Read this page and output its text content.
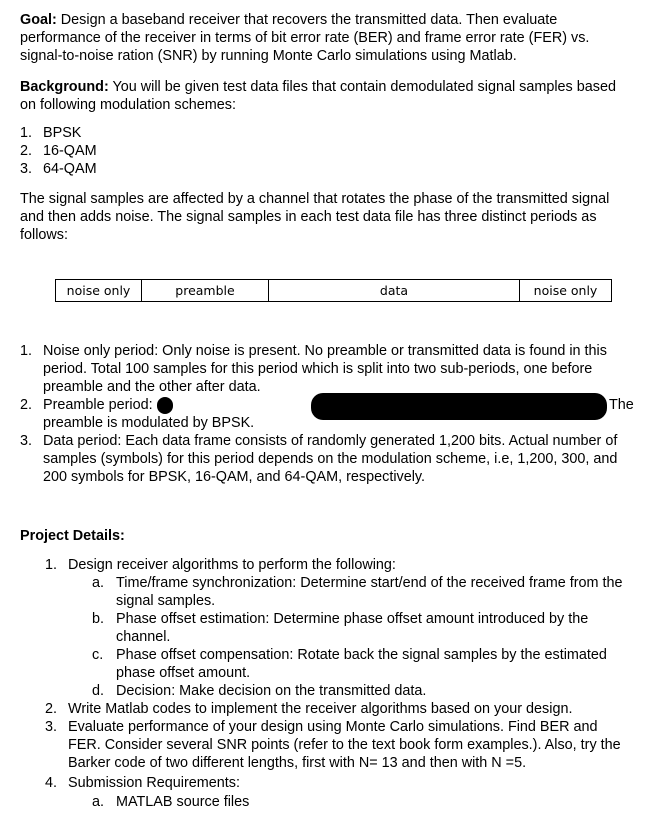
Goal: Design a baseband receiver that recovers the transmitted data. Then evaluate
performance of the receiver in terms of bit error rate (BER) and frame error rate (FER) vs.
signal-to-noise ration (SNR) by running Monte Carlo simulations using Matlab.
Background: You will be given test data files that contain demodulated signal samples based
on following modulation schemes:
1. BPSK
2. 16-QAM
3. 64-QAM
The signal samples are affected by a channel that rotates the phase of the transmitted signal
and then adds noise. The signal samples in each test data file has three distinct periods as
follows:
noise only	preamble	data	noise only
1. Noise only period: Only noise is present. No preamble or transmitted data is found in this
period. Total 100 samples for this period which is split into two sub-periods, one before
preamble and the other after data.
2. Preamble period:	The
preamble is modulated by BPSK.
3. Data period: Each data frame consists of randomly generated 1,200 bits. Actual number of
samples (symbols) for this period depends on the modulation scheme, i.e, 1,200, 300, and
200 symbols for BPSK, 16-QAM, and 64-QAM, respectively.
Project Details:
1. Design receiver algorithms to perform the following:
a. Time/frame synchronization: Determine start/end of the received frame from the
signal samples.
b. Phase offset estimation: Determine phase offset amount introduced by the
channel.
c. Phase offset compensation: Rotate back the signal samples by the estimated
phase offset amount.
d. Decision: Make decision on the transmitted data.
2. Write Matlab codes to implement the receiver algorithms based on your design.
3. Evaluate performance of your design using Monte Carlo simulations. Find BER and
FER. Consider several SNR points (refer to the text book form examples.). Also, try the
Barker code of two different lengths, first with N= 13 and then with N =5.
4. Submission Requirements:
a. MATLAB source files
